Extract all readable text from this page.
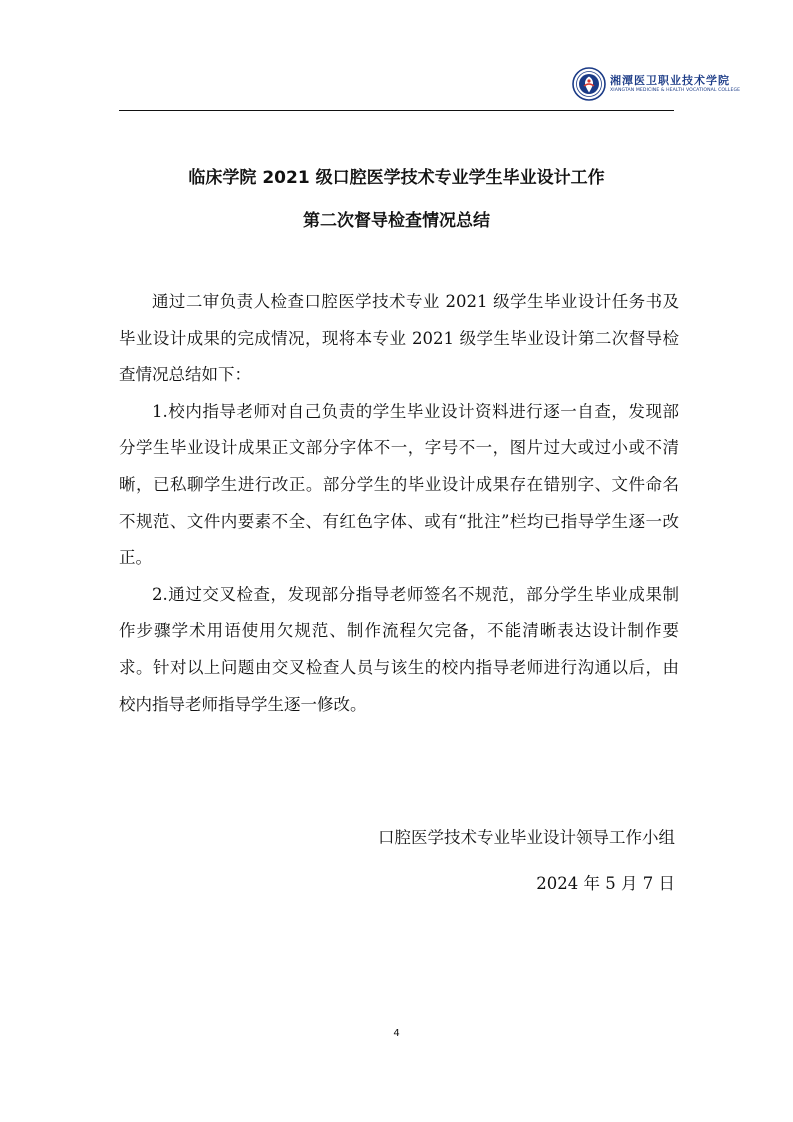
湘潭医卫职业技术学院
XIANGTAN MEDICINE & HEALTH VOCATIONAL COLLEGE
临床学院 2021 级口腔医学技术专业学生毕业设计工作
第二次督导检查情况总结

通过二审负责人检查口腔医学技术专业 2021 级学生毕业设计任务书及毕业设计成果的完成情况，现将本专业 2021 级学生毕业设计第二次督导检查情况总结如下：

1.校内指导老师对自己负责的学生毕业设计资料进行逐一自查，发现部分学生毕业设计成果正文部分字体不一，字号不一，图片过大或过小或不清晰，已私聊学生进行改正。部分学生的毕业设计成果存在错别字、文件命名不规范、文件内要素不全、有红色字体、或有“批注”栏均已指导学生逐一改正。

2.通过交叉检查，发现部分指导老师签名不规范，部分学生毕业成果制作步骤学术用语使用欠规范、制作流程欠完备，不能清晰表达设计制作要求。针对以上问题由交叉检查人员与该生的校内指导老师进行沟通以后，由校内指导老师指导学生逐一修改。

口腔医学技术专业毕业设计领导工作小组
2024 年 5 月 7 日
4
